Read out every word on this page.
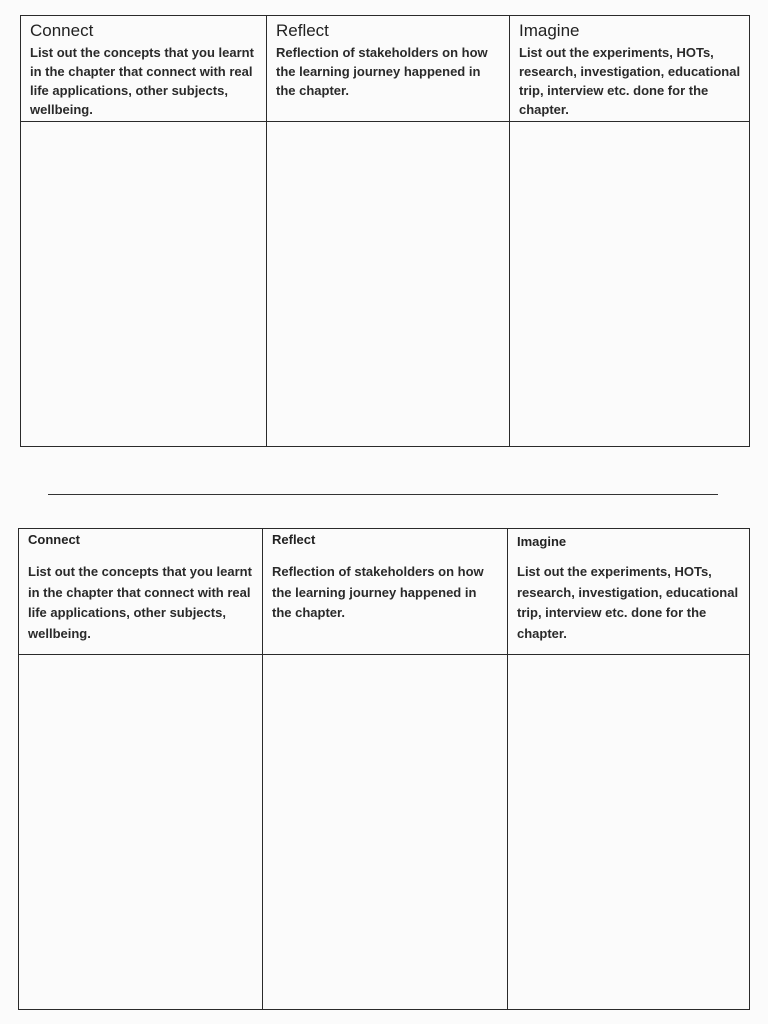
Connect
List out the concepts that you learnt in the chapter that connect with real life applications, other subjects, wellbeing.
Reflect
Reflection of stakeholders on how the learning journey happened in the chapter.
Imagine
List out the experiments, HOTs, research, investigation, educational trip, interview etc. done for the chapter.
Connect
List out the concepts that you learnt in the chapter that connect with real life applications, other subjects, wellbeing.
Reflect
Reflection of stakeholders on how the learning journey happened in the chapter.
Imagine
List out the experiments, HOTs, research, investigation, educational trip, interview etc. done for the chapter.
